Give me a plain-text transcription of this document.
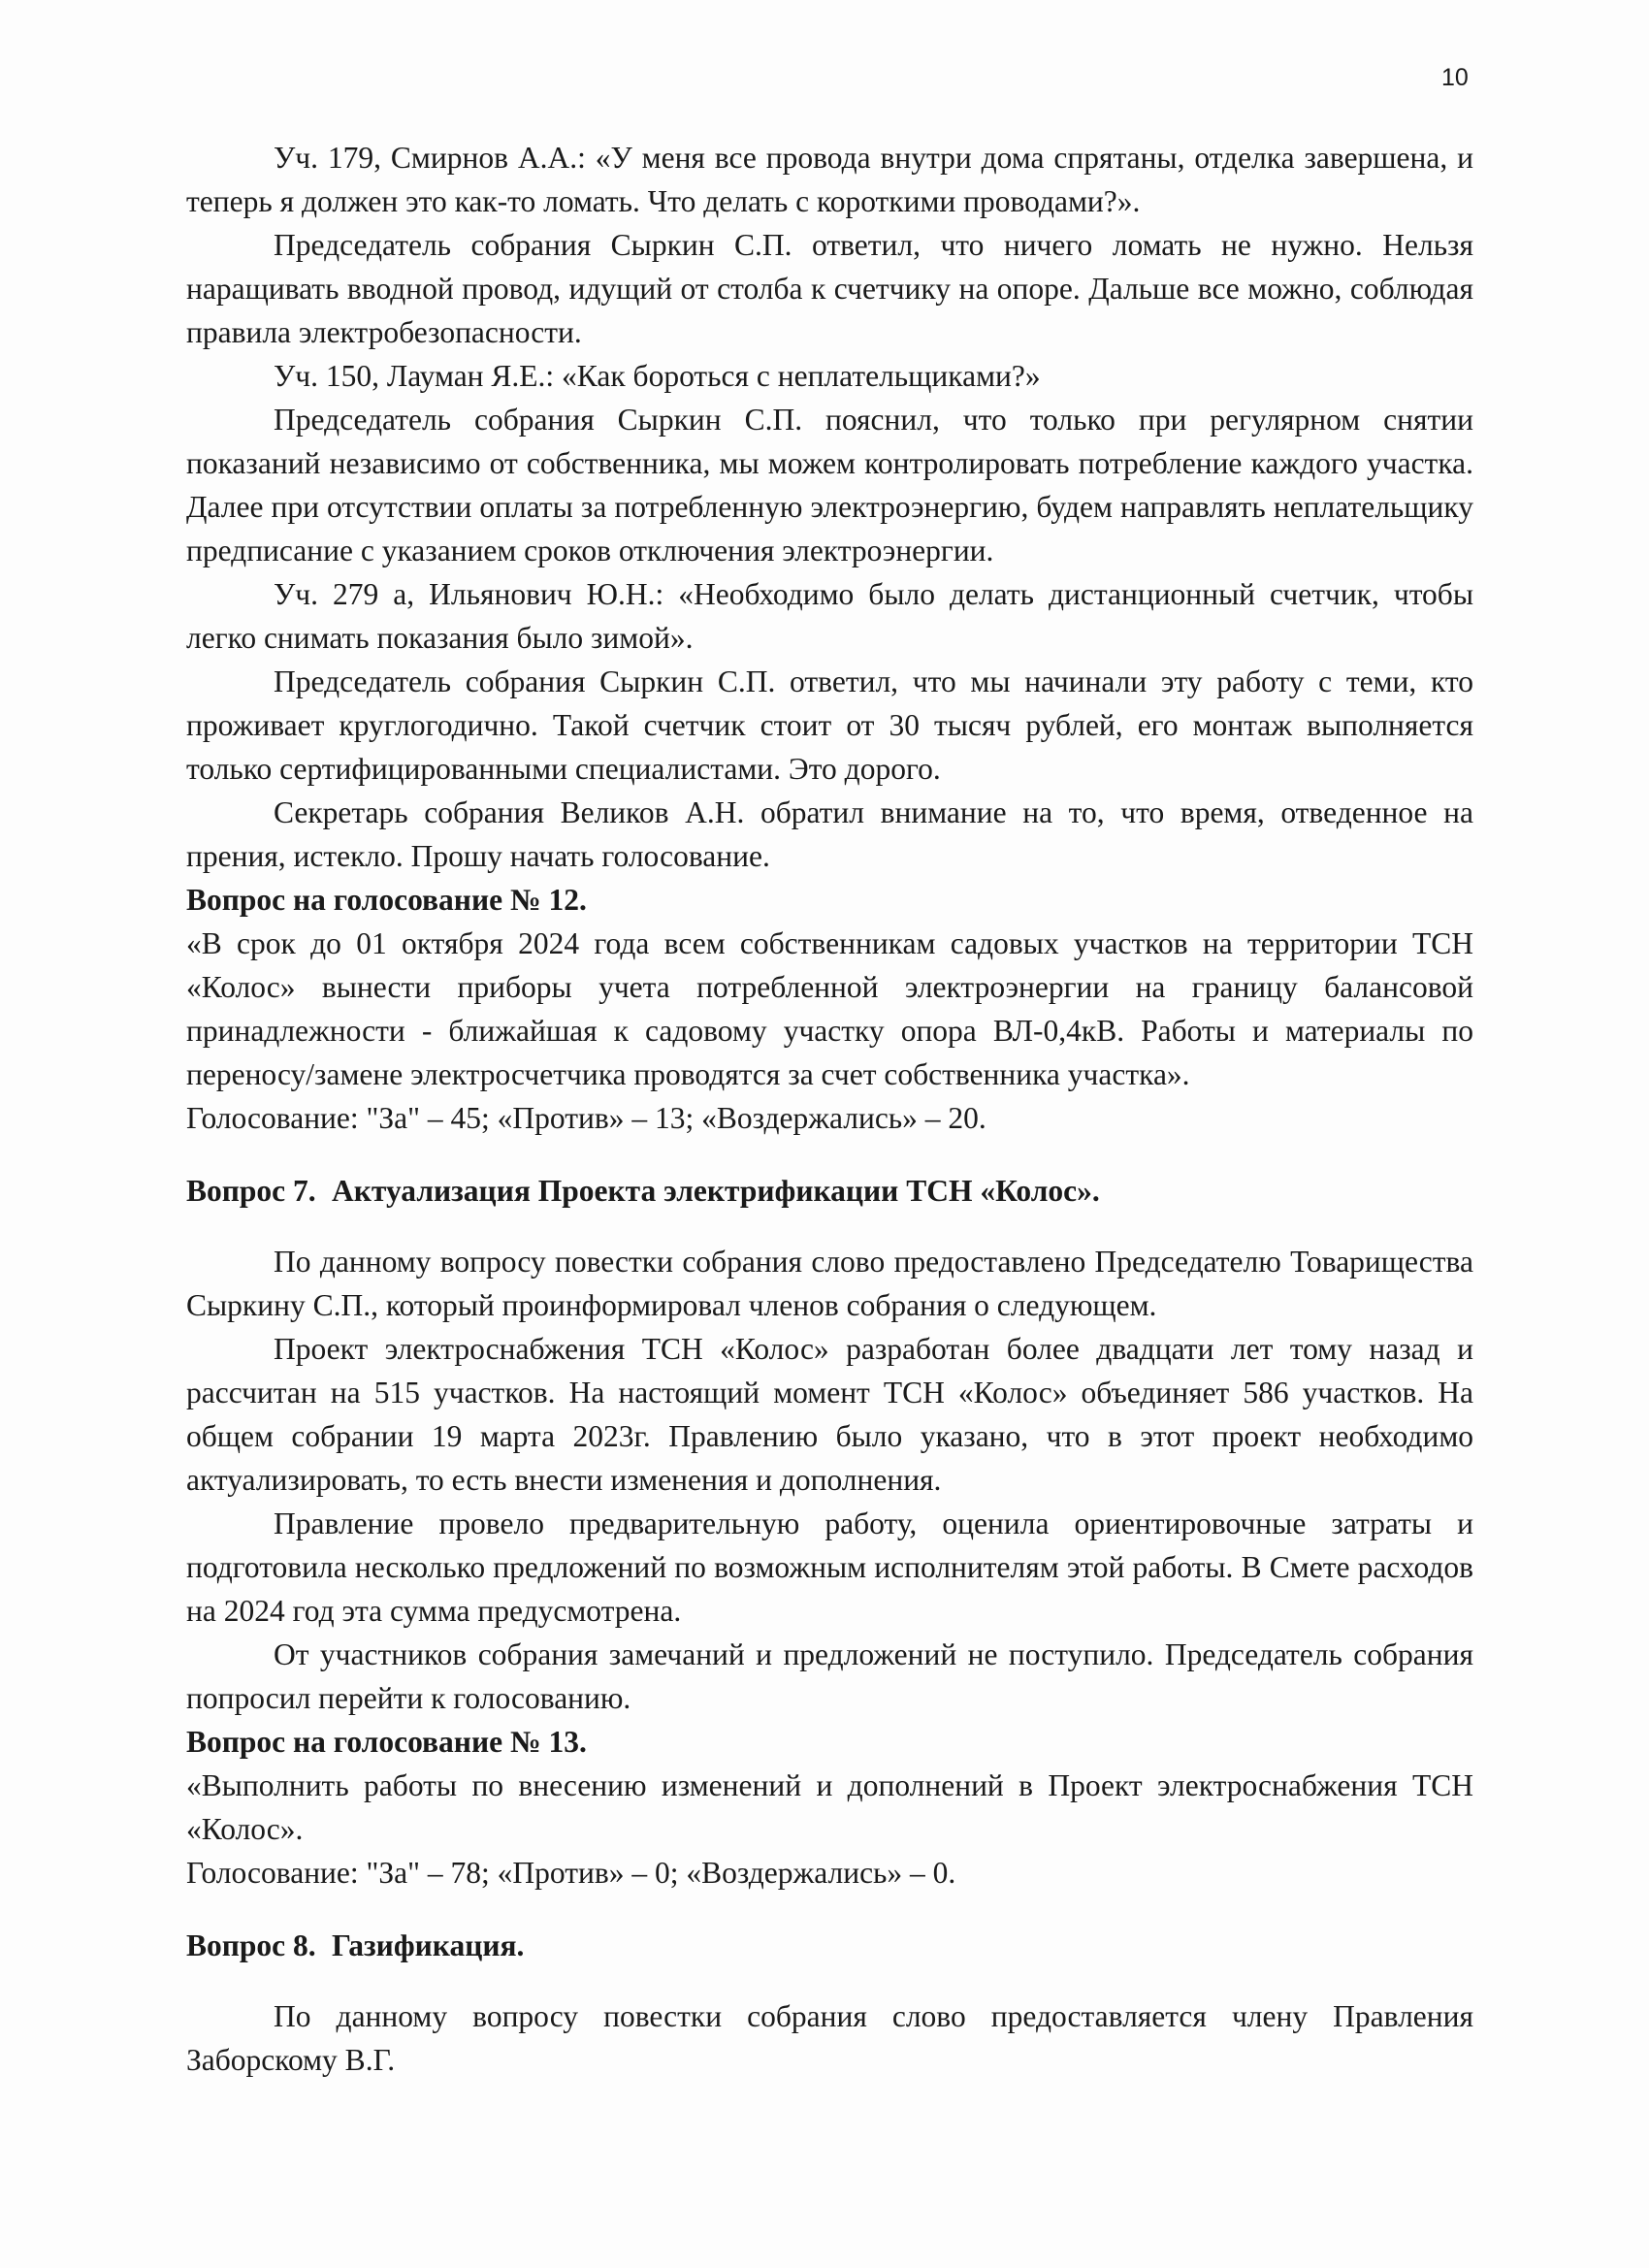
10

Уч. 179, Смирнов А.А.: «У меня все провода внутри дома спрятаны, отделка завершена, и теперь я должен это как-то ломать. Что делать с короткими проводами?».

Председатель собрания Сыркин С.П. ответил, что ничего ломать не нужно. Нельзя наращивать вводной провод, идущий от столба к счетчику на опоре. Дальше все можно, соблюдая правила электробезопасности.

Уч. 150, Лауман Я.Е.: «Как бороться с неплательщиками?»

Председатель собрания Сыркин С.П. пояснил, что только при регулярном снятии показаний независимо от собственника, мы можем контролировать потребление каждого участка. Далее при отсутствии оплаты за потребленную электроэнергию, будем направлять неплательщику предписание с указанием сроков отключения электроэнергии.

Уч. 279 а, Ильянович Ю.Н.: «Необходимо было делать дистанционный счетчик, чтобы легко снимать показания было зимой».

Председатель собрания Сыркин С.П. ответил, что мы начинали эту работу с теми, кто проживает круглогодично. Такой счетчик стоит от 30 тысяч рублей, его монтаж выполняется только сертифицированными специалистами. Это дорого.

Секретарь собрания Великов А.Н. обратил внимание на то, что время, отведенное на прения, истекло. Прошу начать голосование.

Вопрос на голосование № 12.

«В срок до 01 октября 2024 года всем собственникам садовых участков на территории ТСН «Колос» вынести приборы учета потребленной электроэнергии на границу балансовой принадлежности - ближайшая к садовому участку опора ВЛ-0,4кВ. Работы и материалы по переносу/замене электросчетчика проводятся за счет собственника участка».

Голосование: "За" – 45; «Против» – 13; «Воздержались» – 20.

Вопрос 7. Актуализация Проекта электрификации ТСН «Колос».

По данному вопросу повестки собрания слово предоставлено Председателю Товарищества Сыркину С.П., который проинформировал членов собрания о следующем.

Проект электроснабжения ТСН «Колос» разработан более двадцати лет тому назад и рассчитан на 515 участков. На настоящий момент ТСН «Колос» объединяет 586 участков. На общем собрании 19 марта 2023г. Правлению было указано, что в этот проект необходимо актуализировать, то есть внести изменения и дополнения.

Правление провело предварительную работу, оценила ориентировочные затраты и подготовила несколько предложений по возможным исполнителям этой работы. В Смете расходов на 2024 год эта сумма предусмотрена.

От участников собрания замечаний и предложений не поступило. Председатель собрания попросил перейти к голосованию.

Вопрос на голосование № 13.

«Выполнить работы по внесению изменений и дополнений в Проект электроснабжения ТСН «Колос».

Голосование: "За" – 78; «Против» – 0; «Воздержались» – 0.

Вопрос 8. Газификация.

По данному вопросу повестки собрания слово предоставляется члену Правления Заборскому В.Г.
